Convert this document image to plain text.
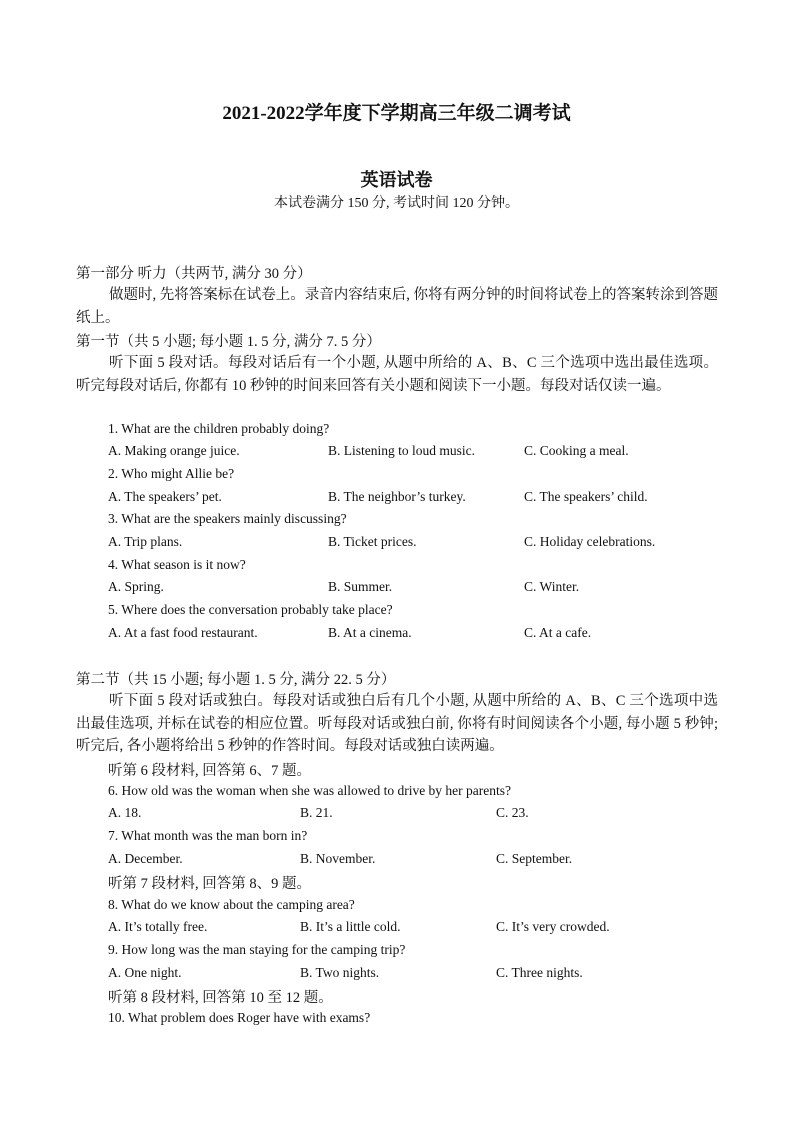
2021-2022学年度下学期高三年级二调考试
英语试卷
本试卷满分 150 分, 考试时间 120 分钟。
第一部分 听力（共两节, 满分 30 分）
做题时, 先将答案标在试卷上。录音内容结束后, 你将有两分钟的时间将试卷上的答案转涂到答题纸上。
第一节（共 5 小题; 每小题 1. 5 分, 满分 7. 5 分）
听下面 5 段对话。每段对话后有一个小题, 从题中所给的 A、B、C 三个选项中选出最佳选项。听完每段对话后, 你都有 10 秒钟的时间来回答有关小题和阅读下一小题。每段对话仅读一遍。
1. What are the children probably doing?
A. Making orange juice.	B. Listening to loud music.	C. Cooking a meal.
2. Who might Allie be?
A. The speakers’ pet.	B. The neighbor’s turkey.	C. The speakers’ child.
3. What are the speakers mainly discussing?
A. Trip plans.	B. Ticket prices.	C. Holiday celebrations.
4. What season is it now?
A. Spring.	B. Summer.	C. Winter.
5. Where does the conversation probably take place?
A. At a fast food restaurant.	B. At a cinema.	C. At a cafe.
第二节（共 15 小题; 每小题 1. 5 分, 满分 22. 5 分）
听下面 5 段对话或独白。每段对话或独白后有几个小题, 从题中所给的 A、B、C 三个选项中选出最佳选项, 并标在试卷的相应位置。听每段对话或独白前, 你将有时间阅读各个小题, 每小题 5 秒钟; 听完后, 各小题将给出 5 秒钟的作答时间。每段对话或独白读两遍。
听第 6 段材料, 回答第 6、7 题。
6. How old was the woman when she was allowed to drive by her parents?
A. 18.	B. 21.	C. 23.
7. What month was the man born in?
A. December.	B. November.	C. September.
听第 7 段材料, 回答第 8、9 题。
8. What do we know about the camping area?
A. It’s totally free.	B. It’s a little cold.	C. It’s very crowded.
9. How long was the man staying for the camping trip?
A. One night.	B. Two nights.	C. Three nights.
听第 8 段材料, 回答第 10 至 12 题。
10. What problem does Roger have with exams?
